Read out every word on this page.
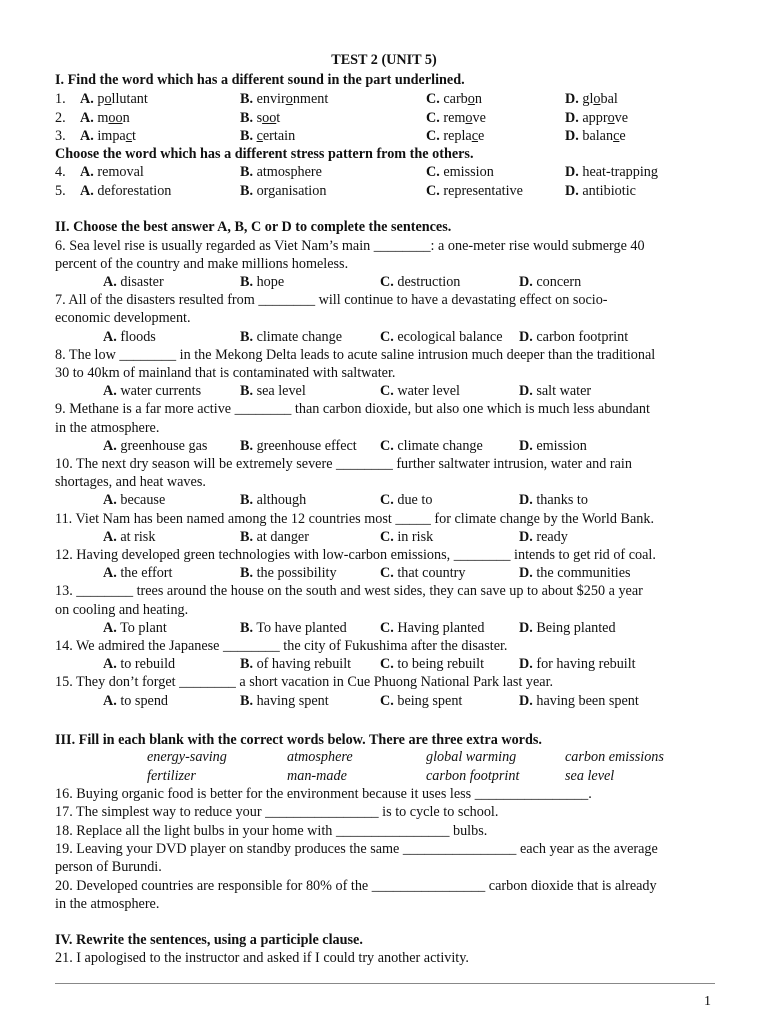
TEST 2 (UNIT 5)
I. Find the word which has a different sound in the part underlined.
1. A. pollutant	B. environment	C. carbon	D. global
2. A. moon	B. soot	C. remove	D. approve
3. A. impact	B. certain	C. replace	D. balance
Choose the word which has a different stress pattern from the others.
4. A. removal	B. atmosphere	C. emission	D. heat-trapping
5. A. deforestation	B. organisation	C. representative	D. antibiotic
II. Choose the best answer A, B, C or D to complete the sentences.
6. Sea level rise is usually regarded as Viet Nam’s main ________: a one-meter rise would submerge 40
percent of the country and make millions homeless.
A. disaster	B. hope	C. destruction	D. concern
7. All of the disasters resulted from ________ will continue to have a devastating effect on socio-
economic development.
A. floods	B. climate change	C. ecological balance D. carbon footprint
8. The low ________ in the Mekong Delta leads to acute saline intrusion much deeper than the traditional
30 to 40km of mainland that is contaminated with saltwater.
A. water currents	B. sea level	C. water level	D. salt water
9. Methane is a far more active ________ than carbon dioxide, but also one which is much less abundant
in the atmosphere.
A. greenhouse gas B. greenhouse effect C. climate change	D. emission
10. The next dry season will be extremely severe ________ further saltwater intrusion, water and rain
shortages, and heat waves.
A. because	B. although	C. due to	D. thanks to
11. Viet Nam has been named among the 12 countries most _____ for climate change by the World Bank.
A. at risk	B. at danger	C. in risk	D. ready
12. Having developed green technologies with low-carbon emissions, ________ intends to get rid of coal.
A. the effort	B. the possibility	C. that country	D. the communities
13. ________ trees around the house on the south and west sides, they can save up to about $250 a year
on cooling and heating.
A. To plant	B. To have planted C. Having planted D. Being planted
14. We admired the Japanese ________ the city of Fukushima after the disaster.
A. to rebuild	B. of having rebuilt C. to being rebuilt D. for having rebuilt
15. They don’t forget ________ a short vacation in Cue Phuong National Park last year.
A. to spend	B. having spent	C. being spent	D. having been spent
III. Fill in each blank with the correct words below. There are three extra words.
energy-saving	atmosphere	global warming	carbon emissions
fertilizer	man-made	carbon footprint	sea level
16. Buying organic food is better for the environment because it uses less ________________.
17. The simplest way to reduce your ________________ is to cycle to school.
18. Replace all the light bulbs in your home with ________________ bulbs.
19. Leaving your DVD player on standby produces the same ________________ each year as the average
person of Burundi.
20. Developed countries are responsible for 80% of the ________________ carbon dioxide that is already
in the atmosphere.
IV. Rewrite the sentences, using a participle clause.
21. I apologised to the instructor and asked if I could try another activity.
1
